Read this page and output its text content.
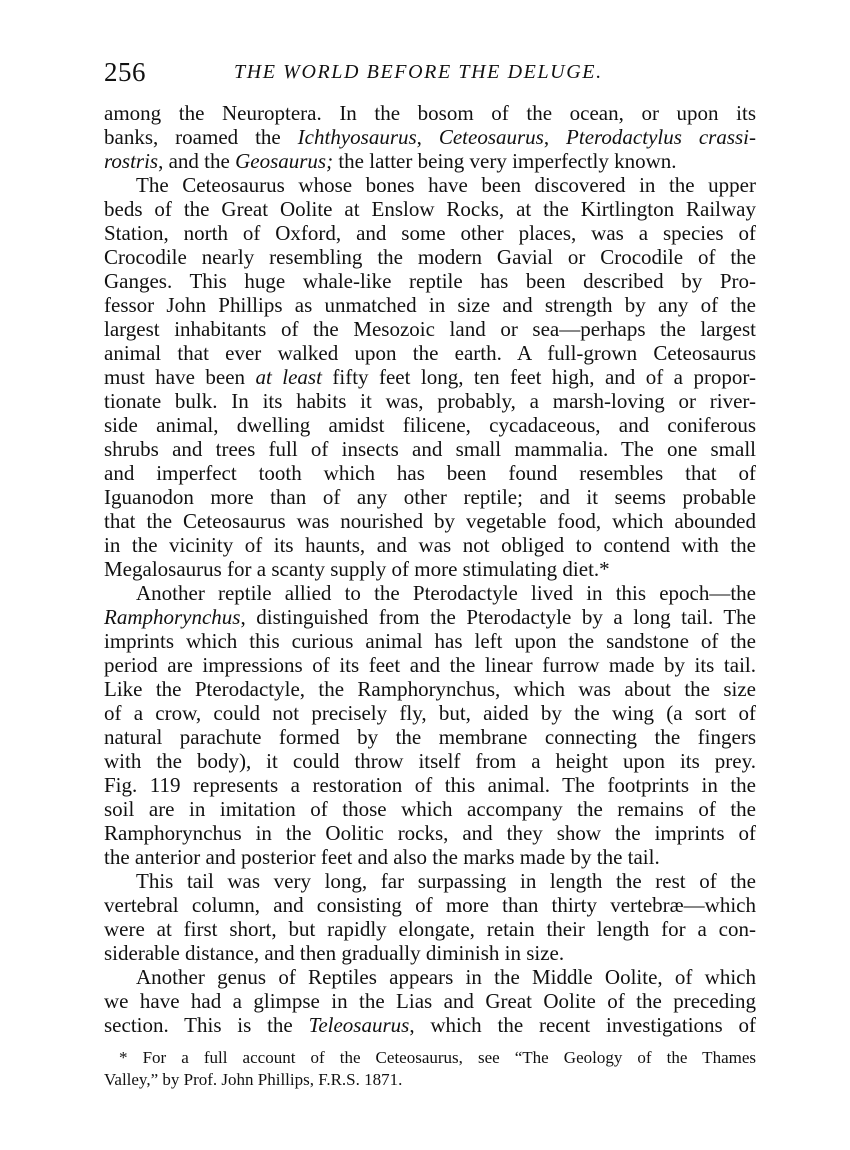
256	THE WORLD BEFORE THE DELUGE.
among the Neuroptera. In the bosom of the ocean, or upon its
banks, roamed the Ichthyosaurus, Ceteosaurus, Pterodactylus crassi-
rostris, and the Geosaurus; the latter being very imperfectly known.
The Ceteosaurus whose bones have been discovered in the upper
beds of the Great Oolite at Enslow Rocks, at the Kirtlington Railway
Station, north of Oxford, and some other places, was a species of
Crocodile nearly resembling the modern Gavial or Crocodile of the
Ganges. This huge whale-like reptile has been described by Pro-
fessor John Phillips as unmatched in size and strength by any of the
largest inhabitants of the Mesozoic land or sea—perhaps the largest
animal that ever walked upon the earth. A full-grown Ceteosaurus
must have been at least fifty feet long, ten feet high, and of a propor-
tionate bulk. In its habits it was, probably, a marsh-loving or river-
side animal, dwelling amidst filicene, cycadaceous, and coniferous
shrubs and trees full of insects and small mammalia. The one small
and imperfect tooth which has been found resembles that of
Iguanodon more than of any other reptile; and it seems probable
that the Ceteosaurus was nourished by vegetable food, which abounded
in the vicinity of its haunts, and was not obliged to contend with the
Megalosaurus for a scanty supply of more stimulating diet.*
Another reptile allied to the Pterodactyle lived in this epoch—the
Ramphorynchus, distinguished from the Pterodactyle by a long tail. The
imprints which this curious animal has left upon the sandstone of the
period are impressions of its feet and the linear furrow made by its tail.
Like the Pterodactyle, the Ramphorynchus, which was about the size
of a crow, could not precisely fly, but, aided by the wing (a sort of
natural parachute formed by the membrane connecting the fingers
with the body), it could throw itself from a height upon its prey.
Fig. 119 represents a restoration of this animal. The footprints in the
soil are in imitation of those which accompany the remains of the
Ramphorynchus in the Oolitic rocks, and they show the imprints of
the anterior and posterior feet and also the marks made by the tail.
This tail was very long, far surpassing in length the rest of the
vertebral column, and consisting of more than thirty vertebræ—which
were at first short, but rapidly elongate, retain their length for a con-
siderable distance, and then gradually diminish in size.
Another genus of Reptiles appears in the Middle Oolite, of which
we have had a glimpse in the Lias and Great Oolite of the preceding
section. This is the Teleosaurus, which the recent investigations of
* For a full account of the Ceteosaurus, see “The Geology of the Thames
Valley,” by Prof. John Phillips, F.R.S. 1871.
